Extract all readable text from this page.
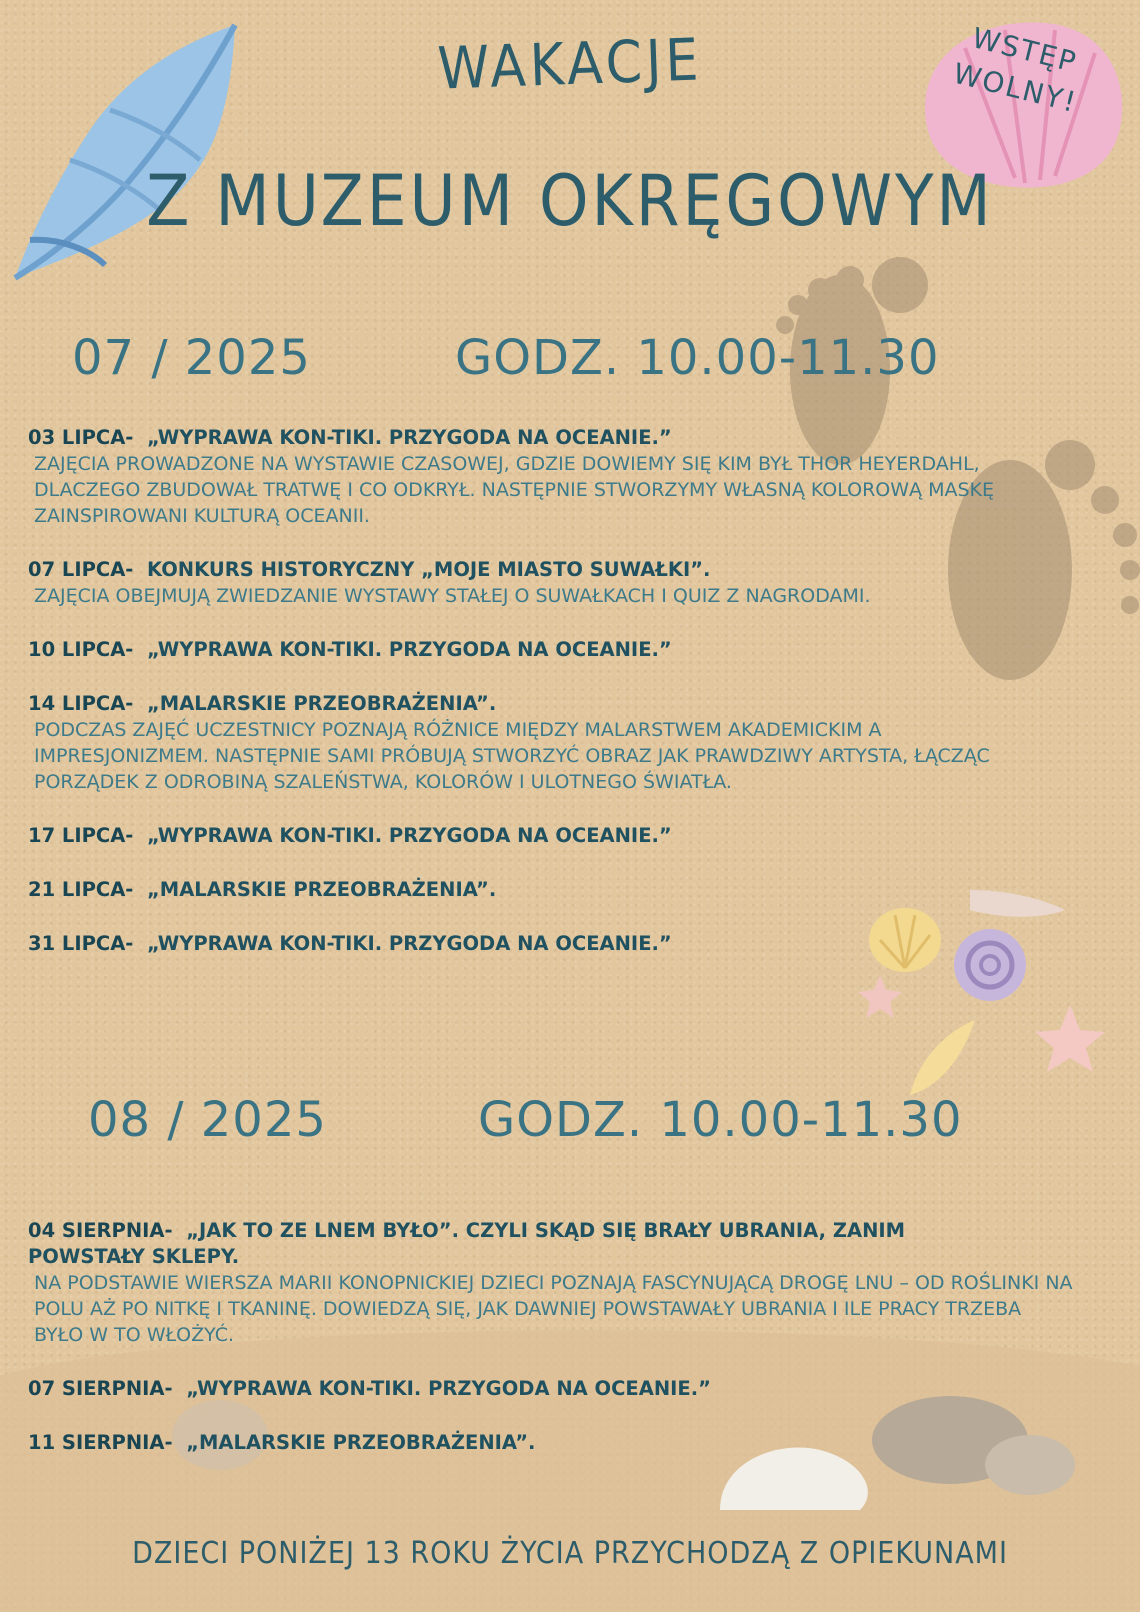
WAKACJE
Z MUZEUM OKRĘGOWYM
WSTĘP WOLNY!
07 / 2025	GODZ. 10.00-11.30
03 LIPCA- „WYPRAWA KON-TIKI. PRZYGODA NA OCEANIE.”
ZAJĘCIA PROWADZONE NA WYSTAWIE CZASOWEJ, GDZIE DOWIEMY SIĘ KIM BYŁ THOR HEYERDAHL, DLACZEGO ZBUDOWAŁ TRATWĘ I CO ODKRYŁ. NASTĘPNIE STWORZYMY WŁASNĄ KOLOROWĄ MASKĘ ZAINSPIROWANI KULTURĄ OCEANII.
07 LIPCA- KONKURS HISTORYCZNY „MOJE MIASTO SUWAŁKI”.
ZAJĘCIA OBEJMUJĄ ZWIEDZANIE WYSTAWY STAŁEJ O SUWAŁKACH I QUIZ Z NAGRODAMI.
10 LIPCA- „WYPRAWA KON-TIKI. PRZYGODA NA OCEANIE.”
14 LIPCA- „MALARSKIE PRZEOBRAŻENIA”.
PODCZAS ZAJĘĆ UCZESTNICY POZNAJĄ RÓŻNICE MIĘDZY MALARSTWEM AKADEMICKIM A IMPRESJONIZMEM. NASTĘPNIE SAMI PRÓBUJĄ STWORZYĆ OBRAZ JAK PRAWDZIWY ARTYSTA, ŁĄCZĄC PORZĄDEK Z ODROBINĄ SZALEŃSTWA, KOLORÓW I ULOTNEGO ŚWIATŁA.
17 LIPCA- „WYPRAWA KON-TIKI. PRZYGODA NA OCEANIE.”
21 LIPCA- „MALARSKIE PRZEOBRAŻENIA”.
31 LIPCA- „WYPRAWA KON-TIKI. PRZYGODA NA OCEANIE.”
08 / 2025	GODZ. 10.00-11.30
04 SIERPNIA- „JAK TO ZE LNEM BYŁO”. CZYLI SKĄD SIĘ BRAŁY UBRANIA, ZANIM POWSTAŁY SKLEPY.
NA PODSTAWIE WIERSZA MARII KONOPNICKIEJ DZIECI POZNAJĄ FASCYNUJĄCĄ DROGĘ LNU – OD ROŚLINKI NA POLU AŻ PO NITKĘ I TKANINĘ. DOWIEDZĄ SIĘ, JAK DAWNIEJ POWSTAWAŁY UBRANIA I ILE PRACY TRZEBA BYŁO W TO WŁOŻYĆ.
07 SIERPNIA- „WYPRAWA KON-TIKI. PRZYGODA NA OCEANIE.”
11 SIERPNIA- „MALARSKIE PRZEOBRAŻENIA”.
DZIECI PONIŻEJ 13 ROKU ŻYCIA PRZYCHODZĄ Z OPIEKUNAMI
